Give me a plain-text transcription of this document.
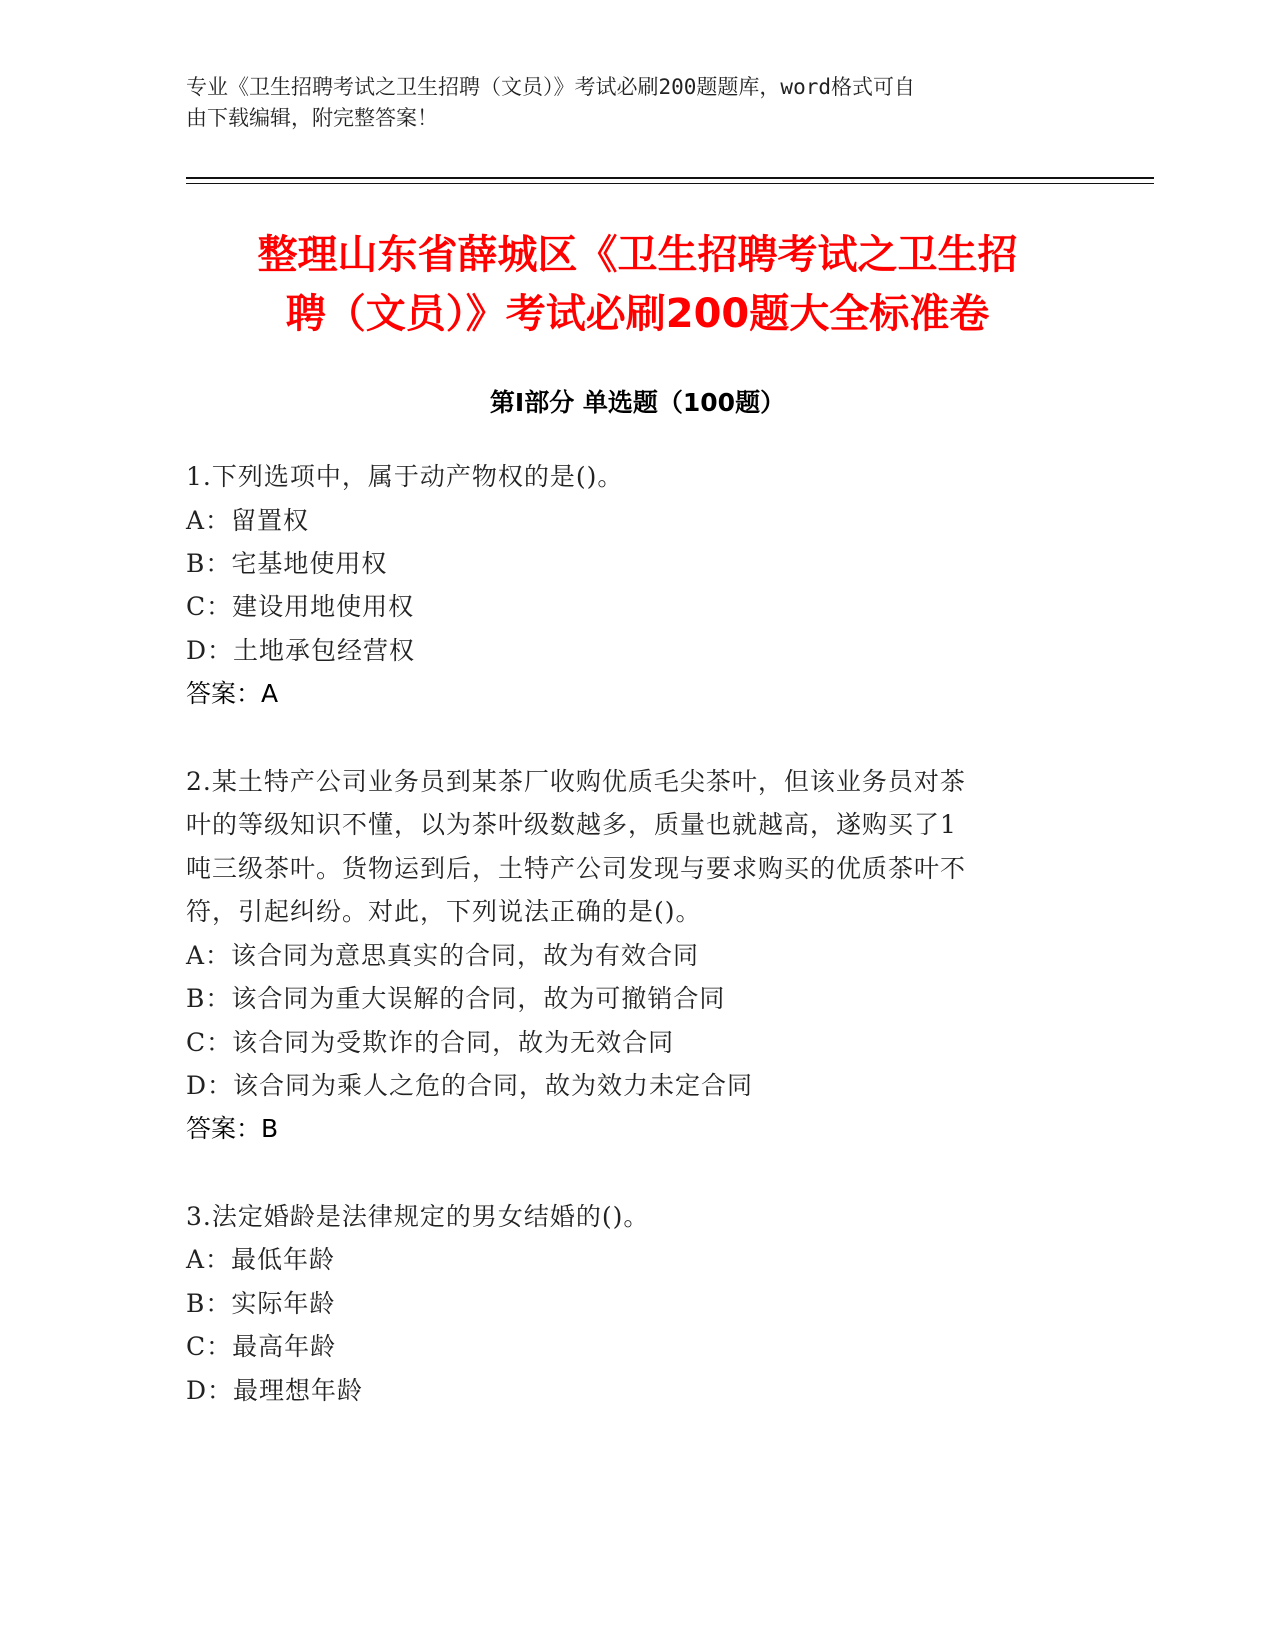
专业《卫生招聘考试之卫生招聘（文员）》考试必刷200题题库，word格式可自
由下载编辑，附完整答案！
整理山东省薛城区《卫生招聘考试之卫生招
聘（文员）》考试必刷200题大全标准卷
第Ⅰ部分 单选题（100题）
1.下列选项中，属于动产物权的是()。
A：留置权
B：宅基地使用权
C：建设用地使用权
D：土地承包经营权
答案：A
2.某土特产公司业务员到某茶厂收购优质毛尖茶叶，但该业务员对茶
叶的等级知识不懂，以为茶叶级数越多，质量也就越高，遂购买了1
吨三级茶叶。货物运到后，土特产公司发现与要求购买的优质茶叶不
符，引起纠纷。对此，下列说法正确的是()。
A：该合同为意思真实的合同，故为有效合同
B：该合同为重大误解的合同，故为可撤销合同
C：该合同为受欺诈的合同，故为无效合同
D：该合同为乘人之危的合同，故为效力未定合同
答案：B
3.法定婚龄是法律规定的男女结婚的()。
A：最低年龄
B：实际年龄
C：最高年龄
D：最理想年龄
